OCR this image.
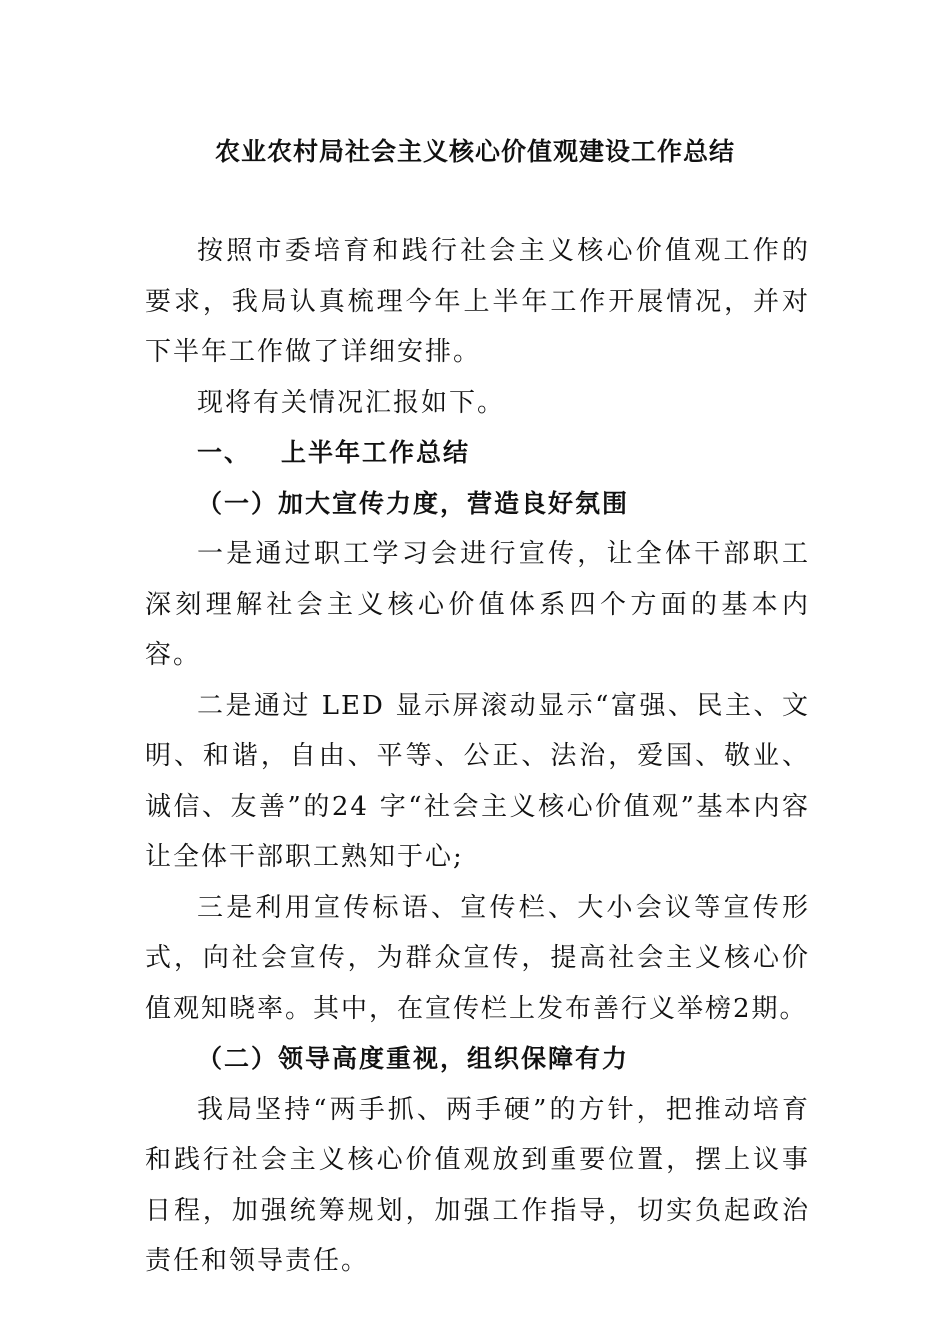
农业农村局社会主义核心价值观建设工作总结

按照市委培育和践行社会主义核心价值观工作的要求，我局认真梳理今年上半年工作开展情况，并对下半年工作做了详细安排。

现将有关情况汇报如下。

一、 上半年工作总结

（一）加大宣传力度，营造良好氛围

一是通过职工学习会进行宣传，让全体干部职工深刻理解社会主义核心价值体系四个方面的基本内容。

二是通过 LED 显示屏滚动显示“富强、民主、文明、和谐，自由、平等、公正、法治，爱国、敬业、诚信、友善”的24 字“社会主义核心价值观”基本内容让全体干部职工熟知于心;

三是利用宣传标语、宣传栏、大小会议等宣传形式，向社会宣传，为群众宣传，提高社会主义核心价值观知晓率。其中，在宣传栏上发布善行义举榜2期。

（二）领导高度重视，组织保障有力

我局坚持“两手抓、两手硬”的方针，把推动培育和践行社会主义核心价值观放到重要位置，摆上议事日程，加强统筹规划，加强工作指导，切实负起政治责任和领导责任。
